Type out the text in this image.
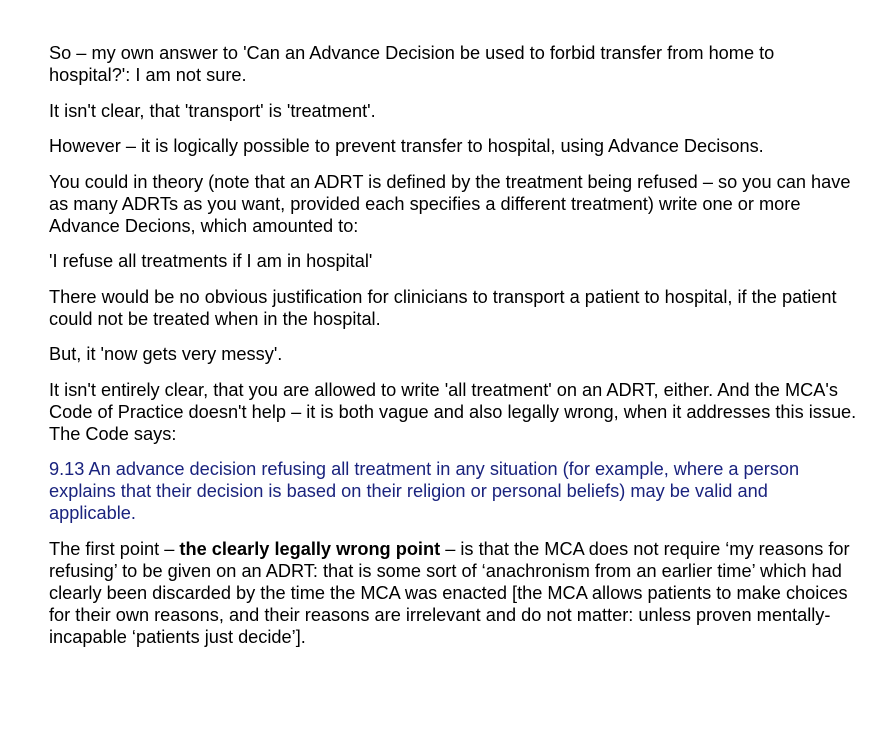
So – my own answer to 'Can an Advance Decision be used to forbid transfer from home to hospital?': I am not sure.

It isn't clear, that 'transport' is 'treatment'.

However – it is logically possible to prevent transfer to hospital, using Advance Decisons.

You could in theory (note that an ADRT is defined by the treatment being refused – so you can have as many ADRTs as you want, provided each specifies a different treatment) write one or more Advance Decions, which amounted to:

'I refuse all treatments if I am in hospital'

There would be no obvious justification for clinicians to transport a patient to hospital, if the patient could not be treated when in the hospital.

But, it 'now gets very messy'.

It isn't entirely clear, that you are allowed to write 'all treatment' on an ADRT, either. And the MCA's Code of Practice doesn't help – it is both vague and also legally wrong, when it addresses this issue. The Code says:

9.13 An advance decision refusing all treatment in any situation (for example, where a person explains that their decision is based on their religion or personal beliefs) may be valid and applicable.

The first point – the clearly legally wrong point – is that the MCA does not require ‘my reasons for refusing’ to be given on an ADRT: that is some sort of ‘anachronism from an earlier time’ which had clearly been discarded by the time the MCA was enacted [the MCA allows patients to make choices for their own reasons, and their reasons are irrelevant and do not matter: unless proven mentally-incapable ‘patients just decide’].
